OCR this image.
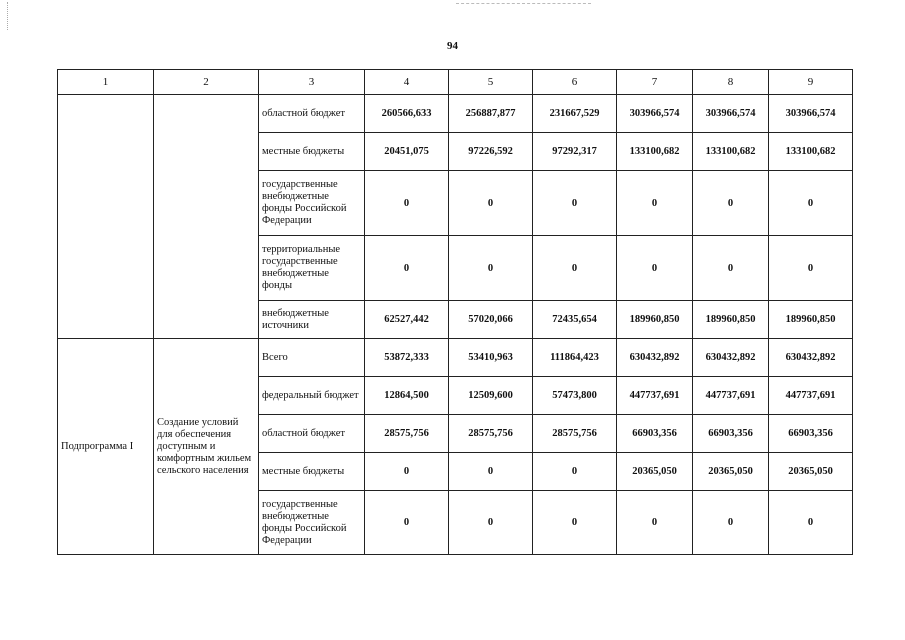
94
1	2	3	4	5	6	7	8	9
		областной бюджет	260566,633	256887,877	231667,529	303966,574	303966,574	303966,574
		местные бюджеты	20451,075	97226,592	97292,317	133100,682	133100,682	133100,682
		государственные внебюджетные фонды Российской Федерации	0	0	0	0	0	0
		территориальные государственные внебюджетные фонды	0	0	0	0	0	0
		внебюджетные источники	62527,442	57020,066	72435,654	189960,850	189960,850	189960,850
Подпрограмма I	Создание условий для обеспечения доступным и комфортным жильем сельского населения	Всего	53872,333	53410,963	111864,423	630432,892	630432,892	630432,892
		федеральный бюджет	12864,500	12509,600	57473,800	447737,691	447737,691	447737,691
		областной бюджет	28575,756	28575,756	28575,756	66903,356	66903,356	66903,356
		местные бюджеты	0	0	0	20365,050	20365,050	20365,050
		государственные внебюджетные фонды Российской Федерации	0	0	0	0	0	0
